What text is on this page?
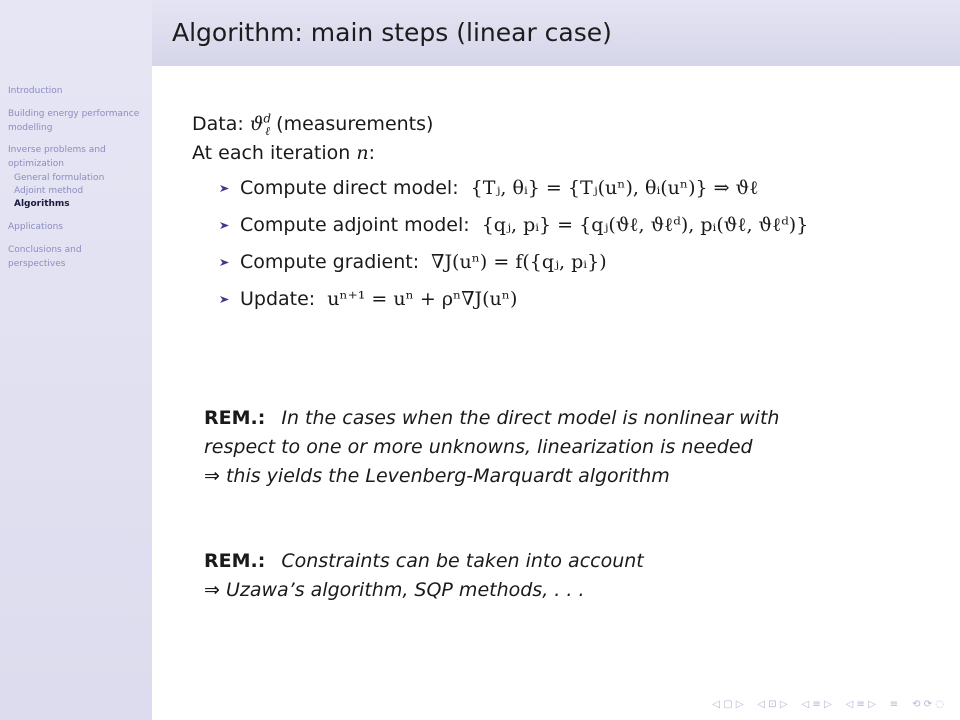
Introduction
Building energy performance modelling
Inverse problems and optimization
General formulation
Adjoint method
Algorithms
Applications
Conclusions and perspectives
Algorithm: main steps (linear case)
Data: $ϑ^d_\ell$ (measurements)
At each iteration n:
Compute direct model: {Tⱼ, θᵢ} = {Tⱼ(uⁿ), θᵢ(uⁿ)} ⇒ ϑℓ
Compute adjoint model: {qⱼ, pᵢ} = {qⱼ(ϑℓ, ϑℓᵈ), pᵢ(ϑℓ, ϑℓᵈ)}
Compute gradient: ∇J(uⁿ) = f({qⱼ, pᵢ})
Update: uⁿ⁺¹ = uⁿ + ρⁿ∇J(uⁿ)
REM.: In the cases when the direct model is nonlinear with
respect to one or more unknowns, linearization is needed
⇒ this yields the Levenberg-Marquardt algorithm
REM.: Constraints can be taken into account
⇒ Uzawa’s algorithm, SQP methods, . . .
◁ ▢ ▷ ◁ ⊡ ▷ ◁ ≡ ▷ ◁ ≡ ▷ ≡ ⟲ ⟳ ◌
